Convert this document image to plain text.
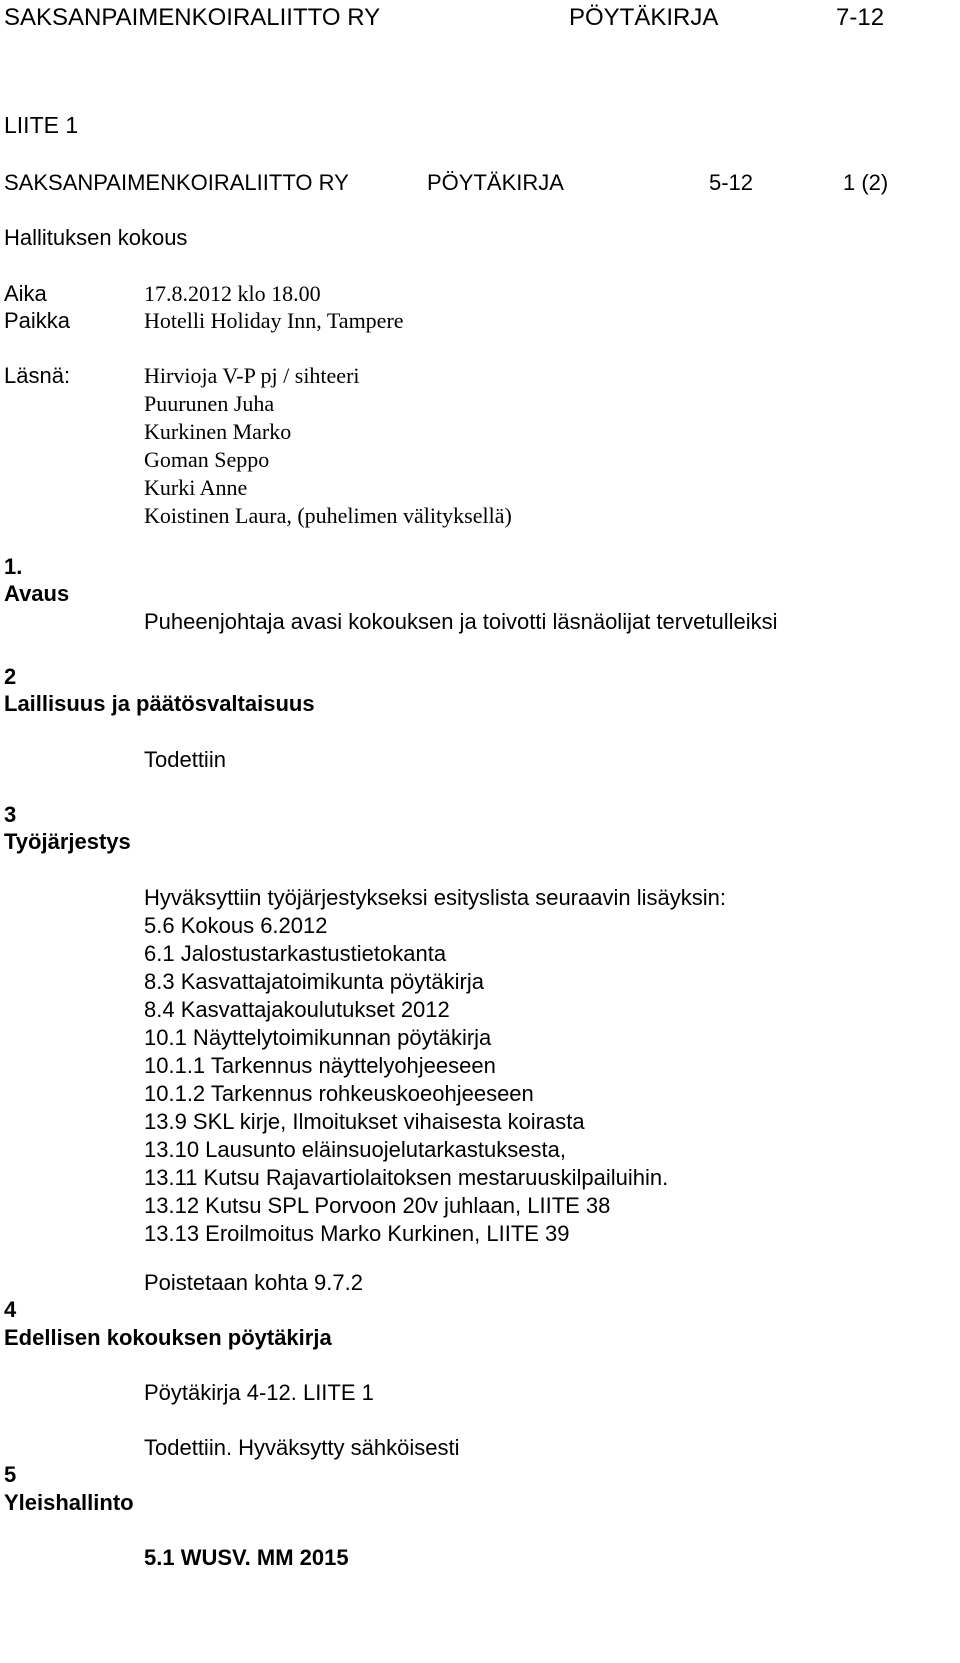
SAKSANPAIMENKOIRALIITTO RY	PÖYTÄKIRJA	7-12
LIITE 1
SAKSANPAIMENKOIRALIITTO RY	PÖYTÄKIRJA	5-12	1 (2)
Hallituksen kokous
Aika	17.8.2012 klo 18.00
Paikka	Hotelli Holiday Inn, Tampere
Läsnä:	Hirvioja V-P pj / sihteeri
Puurunen Juha
Kurkinen Marko
Goman Seppo
Kurki Anne
Koistinen Laura, (puhelimen välityksellä)
1.
Avaus
Puheenjohtaja avasi kokouksen ja toivotti läsnäolijat tervetulleiksi
2
Laillisuus ja päätösvaltaisuus
Todettiin
3
Työjärjestys
Hyväksyttiin työjärjestykseksi esityslista seuraavin lisäyksin:
5.6 Kokous 6.2012
6.1 Jalostustarkastustietokanta
8.3 Kasvattajatoimikunta pöytäkirja
8.4 Kasvattajakoulutukset 2012
10.1 Näyttelytoimikunnan pöytäkirja
10.1.1 Tarkennus näyttelyohjeeseen
10.1.2 Tarkennus rohkeuskoeohjeeseen
13.9 SKL kirje, Ilmoitukset vihaisesta koirasta
13.10 Lausunto eläinsuojelutarkastuksesta,
13.11 Kutsu Rajavartiolaitoksen mestaruuskilpailuihin.
13.12 Kutsu SPL Porvoon 20v juhlaan, LIITE 38
13.13 Eroilmoitus Marko Kurkinen, LIITE 39
Poistetaan kohta 9.7.2
4
Edellisen kokouksen pöytäkirja
Pöytäkirja 4-12. LIITE 1
Todettiin. Hyväksytty sähköisesti
5
Yleishallinto
5.1 WUSV. MM 2015
